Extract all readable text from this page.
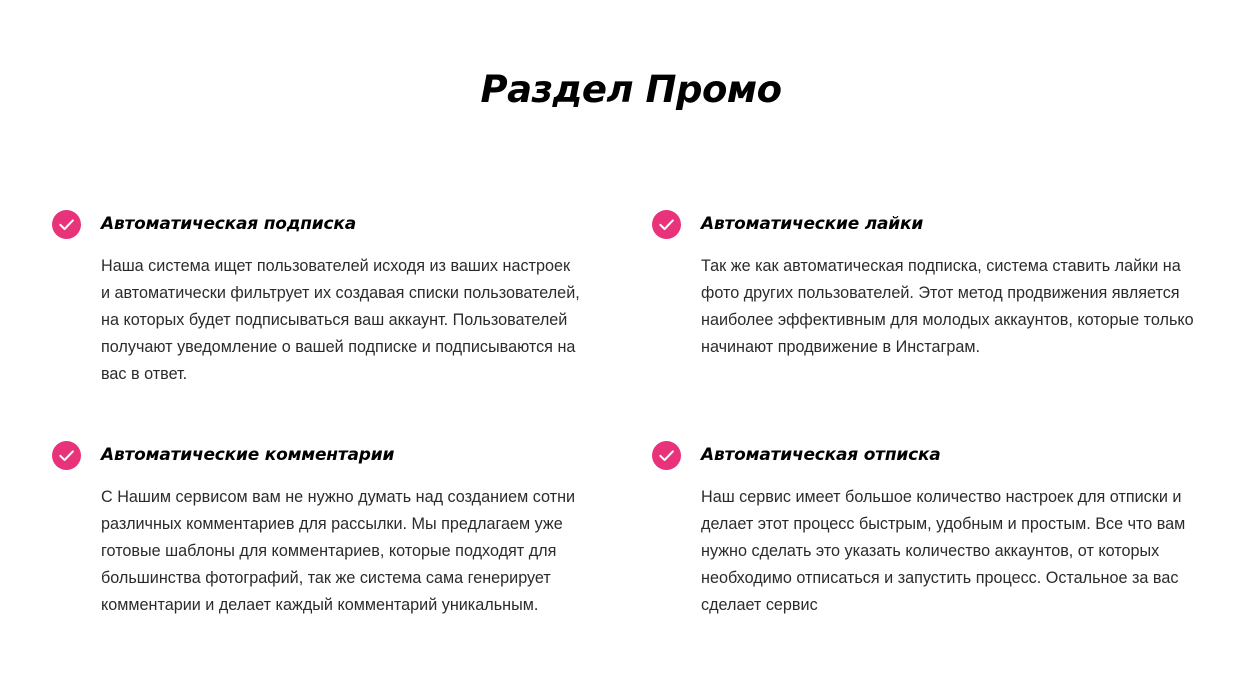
Раздел Промо
Автоматическая подписка

Наша система ищет пользователей исходя из ваших настроек и автоматически фильтрует их создавая списки пользователей, на которых будет подписываться ваш аккаунт. Пользователей получают уведомление о вашей подписке и подписываются на вас в ответ.

Автоматические лайки

Так же как автоматическая подписка, система ставить лайки на фото других пользователей. Этот метод продвижения является наиболее эффективным для молодых аккаунтов, которые только начинают продвижение в Инстаграм.

Автоматические комментарии

С Нашим сервисом вам не нужно думать над созданием сотни различных комментариев для рассылки. Мы предлагаем уже готовые шаблоны для комментариев, которые подходят для большинства фотографий, так же система сама генерирует комментарии и делает каждый комментарий уникальным.

Автоматическая отписка

Наш сервис имеет большое количество настроек для отписки и делает этот процесс быстрым, удобным и простым. Все что вам нужно сделать это указать количество аккаунтов, от которых необходимо отписаться и запустить процесс. Остальное за вас сделает сервис
